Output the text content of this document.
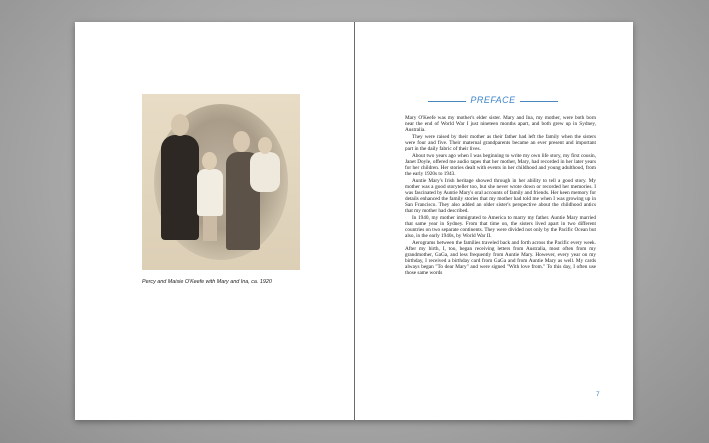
Percy and Maisie O'Keefe with Mary and Ina, ca. 1920
PREFACE

Mary O'Keefe was my mother's elder sister. Mary and Ina, my mother, were both born near the end of World War I just nineteen months apart, and both grew up in Sydney, Australia.

They were raised by their mother as their father had left the family when the sisters were four and five. Their maternal grandparents became an ever present and important part in the daily fabric of their lives.

About two years ago when I was beginning to write my own life story, my first cousin, Janet Doyle, offered me audio tapes that her mother, Mary, had recorded in her later years for her children. Her stories dealt with events in her childhood and young adulthood, from the early 1920s to 1943.

Auntie Mary's Irish heritage showed through in her ability to tell a good story. My mother was a good storyteller too, but she never wrote down or recorded her memories. I was fascinated by Auntie Mary's oral accounts of family and friends. Her keen memory for details enhanced the family stories that my mother had told me when I was growing up in San Francisco. They also added an older sister's perspective about the childhood antics that my mother had described.

In 1940, my mother immigrated to America to marry my father. Auntie Mary married that same year in Sydney. From that time on, the sisters lived apart in two different countries on two separate continents. They were divided not only by the Pacific Ocean but also, in the early 1940s, by World War II.

Aerograms between the families traveled back and forth across the Pacific every week. After my birth, I, too, began receiving letters from Australia, most often from my grandmother, GaGa, and less frequently from Auntie Mary. However, every year on my birthday, I received a birthday card from GaGa and from Auntie Mary as well. My cards always began "To dear Mary" and were signed "With love from." To this day, I often use those same words

7
